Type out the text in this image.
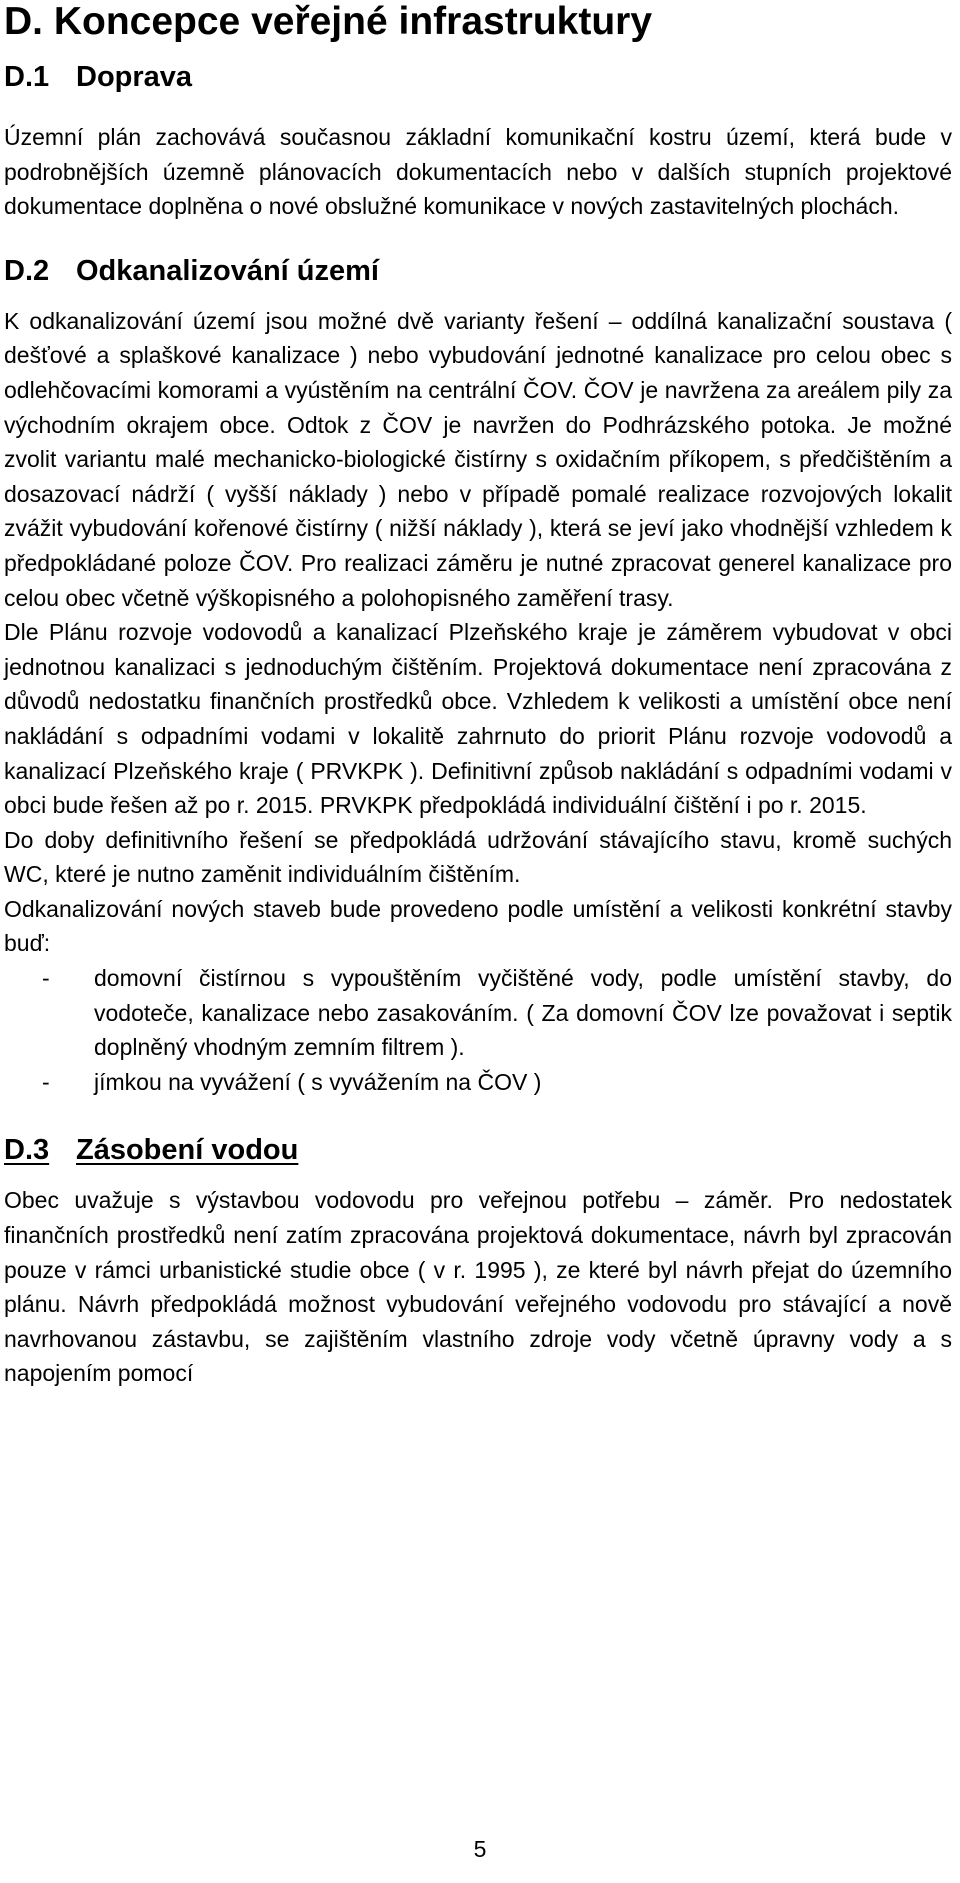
D. Koncepce veřejné infrastruktury
D.1 Doprava

Územní plán zachovává současnou základní komunikační kostru území, která bude v podrobnějších územně plánovacích dokumentacích nebo v dalších stupních projektové dokumentace doplněna o nové obslužné komunikace v nových zastavitelných plochách.

D.2 Odkanalizování území

K odkanalizování území jsou možné dvě varianty řešení – oddílná kanalizační soustava ( dešťové a splaškové kanalizace ) nebo vybudování jednotné kanalizace pro celou obec s odlehčovacími komorami a vyústěním na centrální ČOV. ČOV je navržena za areálem pily za východním okrajem obce. Odtok z ČOV je navržen do Podhrázského potoka. Je možné zvolit variantu malé mechanicko-biologické čistírny s oxidačním příkopem, s předčištěním a dosazovací nádrží ( vyšší náklady ) nebo v případě pomalé realizace rozvojových lokalit zvážit vybudování kořenové čistírny ( nižší náklady ), která se jeví jako vhodnější vzhledem k předpokládané poloze ČOV. Pro realizaci záměru je nutné zpracovat generel kanalizace pro celou obec včetně výškopisného a polohopisného zaměření trasy.

Dle Plánu rozvoje vodovodů a kanalizací Plzeňského kraje je záměrem vybudovat v obci jednotnou kanalizaci s jednoduchým čištěním. Projektová dokumentace není zpracována z důvodů nedostatku finančních prostředků obce. Vzhledem k velikosti a umístění obce není nakládání s odpadními vodami v lokalitě zahrnuto do priorit Plánu rozvoje vodovodů a kanalizací Plzeňského kraje ( PRVKPK ). Definitivní způsob nakládání s odpadními vodami v obci bude řešen až po r. 2015. PRVKPK předpokládá individuální čištění i po r. 2015.

Do doby definitivního řešení se předpokládá udržování stávajícího stavu, kromě suchých WC, které je nutno zaměnit individuálním čištěním.

Odkanalizování nových staveb bude provedeno podle umístění a velikosti konkrétní stavby buď:

-	domovní čistírnou s vypouštěním vyčištěné vody, podle umístění stavby, do vodoteče, kanalizace nebo zasakováním. ( Za domovní ČOV lze považovat i septik doplněný vhodným zemním filtrem ).
-	jímkou na vyvážení ( s vyvážením na ČOV )
D.3 Zásobení vodou

Obec uvažuje s výstavbou vodovodu pro veřejnou potřebu – záměr. Pro nedostatek finančních prostředků není zatím zpracována projektová dokumentace, návrh byl zpracován pouze v rámci urbanistické studie obce ( v r. 1995 ), ze které byl návrh přejat do územního plánu. Návrh předpokládá možnost vybudování veřejného vodovodu pro stávající a nově navrhovanou zástavbu, se zajištěním vlastního zdroje vody včetně úpravny vody a s napojením pomocí

5
